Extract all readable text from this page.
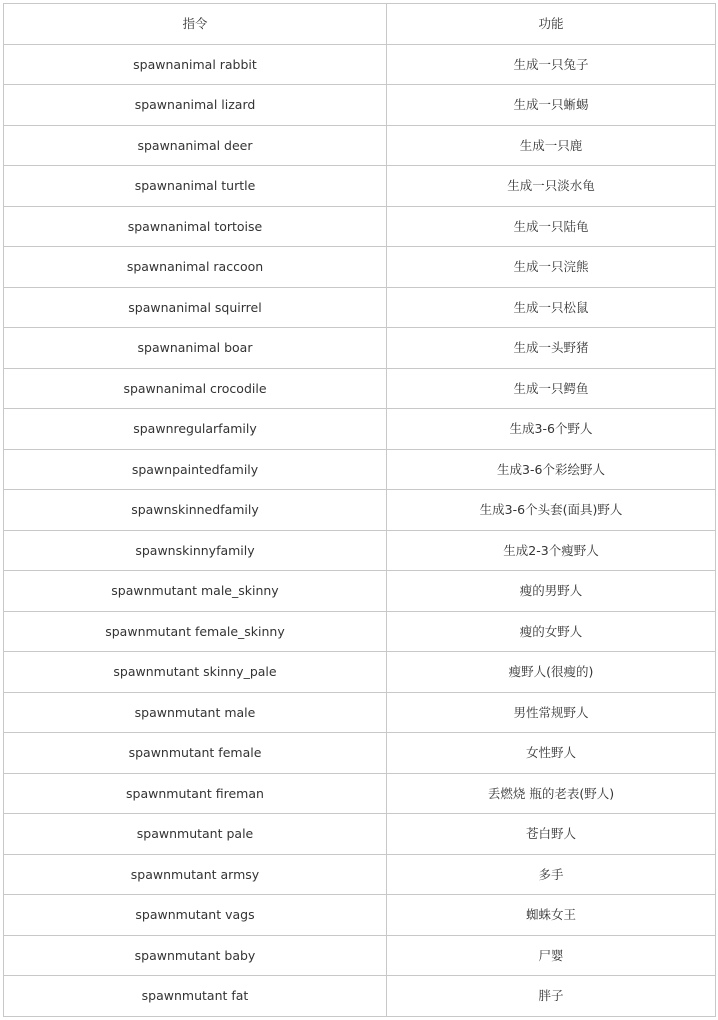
指令	功能
spawnanimal rabbit	生成一只兔子
spawnanimal lizard	生成一只蜥蜴
spawnanimal deer	生成一只鹿
spawnanimal turtle	生成一只淡水龟
spawnanimal tortoise	生成一只陆龟
spawnanimal raccoon	生成一只浣熊
spawnanimal squirrel	生成一只松鼠
spawnanimal boar	生成一头野猪
spawnanimal crocodile	生成一只鳄鱼
spawnregularfamily	生成3-6个野人
spawnpaintedfamily	生成3-6个彩绘野人
spawnskinnedfamily	生成3-6个头套(面具)野人
spawnskinnyfamily	生成2-3个瘦野人
spawnmutant male_skinny	瘦的男野人
spawnmutant female_skinny	瘦的女野人
spawnmutant skinny_pale	瘦野人(很瘦的)
spawnmutant male	男性常规野人
spawnmutant female	女性野人
spawnmutant fireman	丢燃烧 瓶的老表(野人)
spawnmutant pale	苍白野人
spawnmutant armsy	多手
spawnmutant vags	蜘蛛女王
spawnmutant baby	尸婴
spawnmutant fat	胖子
